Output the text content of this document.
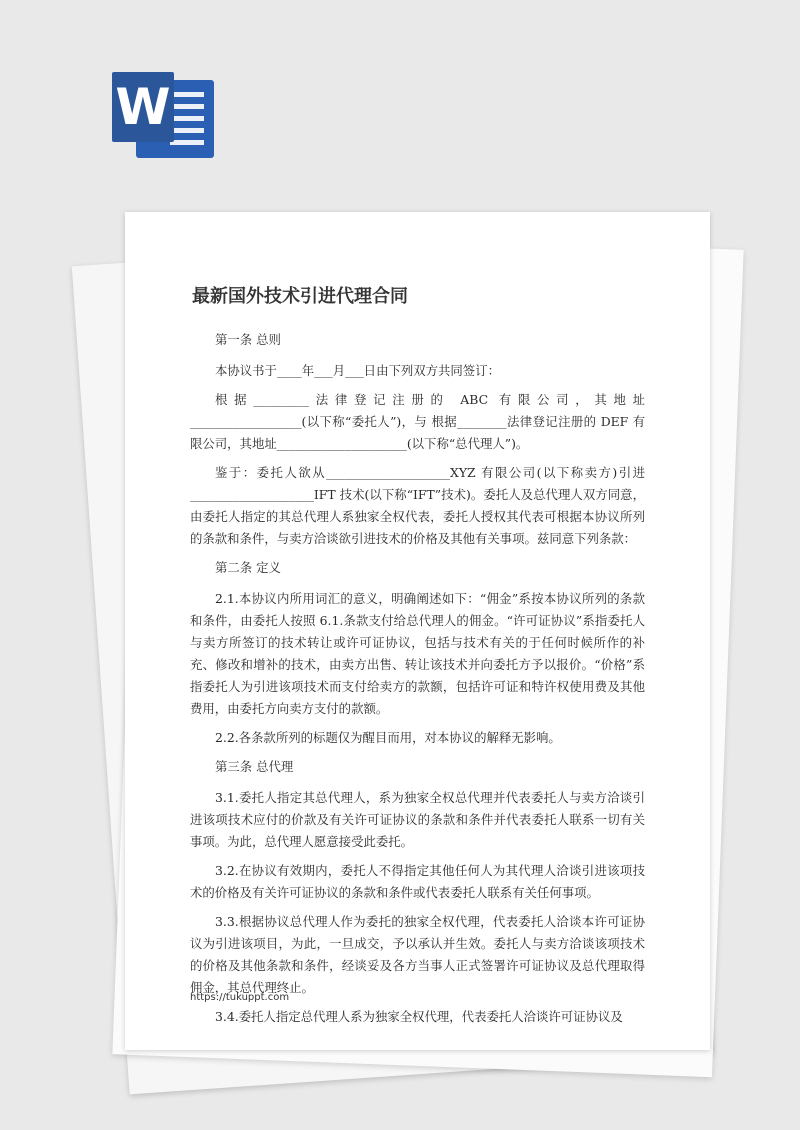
W
最新国外技术引进代理合同

第一条 总则

本协议书于____年___月___日由下列双方共同签订：

根据_________法律登记注册的 ABC 有限公司，其地址__________________(以下称“委托人”)，与 根据________法律登记注册的 DEF 有限公司，其地址_____________________(以下称“总代理人”)。

鉴于：委托人欲从____________________XYZ 有限公司(以下称卖方)引进____________________IFT 技术(以下称“IFT”技术)。委托人及总代理人双方同意，由委托人指定的其总代理人系独家全权代表，委托人授权其代表可根据本协议所列的条款和条件，与卖方洽谈欲引进技术的价格及其他有关事项。兹同意下列条款：

第二条 定义

2.1.本协议内所用词汇的意义，明确阐述如下：“佣金”系按本协议所列的条款和条件，由委托人按照 6.1.条款支付给总代理人的佣金。“许可证协议”系指委托人与卖方所签订的技术转让或许可证协议，包括与技术有关的于任何时候所作的补充、修改和增补的技术，由卖方出售、转让该技术并向委托方予以报价。“价格”系指委托人为引进该项技术而支付给卖方的款额，包括许可证和特许权使用费及其他费用，由委托方向卖方支付的款额。

2.2.各条款所列的标题仅为醒目而用，对本协议的解释无影响。

第三条 总代理

3.1.委托人指定其总代理人，系为独家全权总代理并代表委托人与卖方洽谈引进该项技术应付的价款及有关许可证协议的条款和条件并代表委托人联系一切有关事项。为此，总代理人愿意接受此委托。

3.2.在协议有效期内，委托人不得指定其他任何人为其代理人洽谈引进该项技术的价格及有关许可证协议的条款和条件或代表委托人联系有关任何事项。

3.3.根据协议总代理人作为委托的独家全权代理，代表委托人洽谈本许可证协议为引进该项目，为此，一旦成交，予以承认并生效。委托人与卖方洽谈该项技术的价格及其他条款和条件，经谈妥及各方当事人正式签署许可证协议及总代理取得佣金，其总代理终止。

3.4.委托人指定总代理人系为独家全权代理，代表委托人洽谈许可证协议及

https://tukuppt.com
